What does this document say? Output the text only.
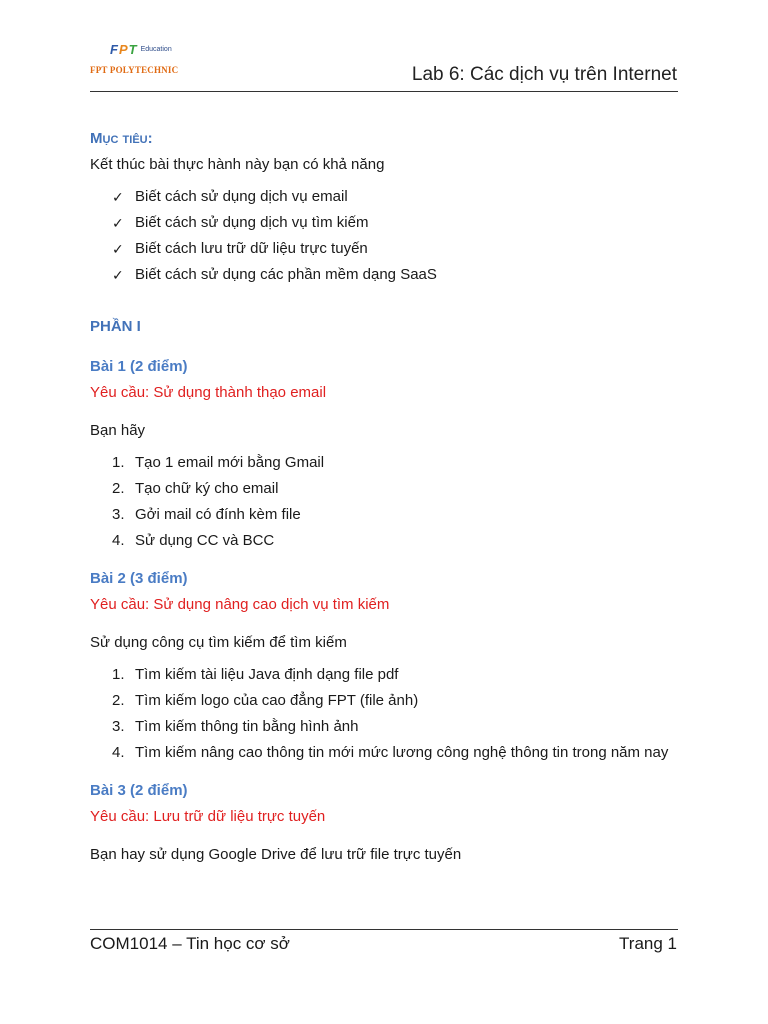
F P T Education
FPT POLYTECHNIC	Lab 6: Các dịch vụ trên Internet
Mục tiêu:
Kết thúc bài thực hành này bạn có khả năng
✓ Biết cách sử dụng dịch vụ email
✓ Biết cách sử dụng dịch vụ tìm kiếm
✓ Biết cách lưu trữ dữ liệu trực tuyến
✓ Biết cách sử dụng các phần mềm dạng SaaS
PHẦN I
Bài 1 (2 điểm)
Yêu cầu: Sử dụng thành thạo email
Bạn hãy
1. Tạo 1 email mới bằng Gmail
2. Tạo chữ ký cho email
3. Gởi mail có đính kèm file
4. Sử dụng CC và BCC
Bài 2 (3 điểm)
Yêu cầu: Sử dụng nâng cao dịch vụ tìm kiếm
Sử dụng công cụ tìm kiếm để tìm kiếm
1. Tìm kiếm tài liệu Java định dạng file pdf
2. Tìm kiếm logo của cao đẳng FPT (file ảnh)
3. Tìm kiếm thông tin bằng hình ảnh
4. Tìm kiếm nâng cao thông tin mới mức lương công nghệ thông tin trong năm nay
Bài 3 (2 điểm)
Yêu cầu: Lưu trữ dữ liệu trực tuyến
Bạn hay sử dụng Google Drive để lưu trữ file trực tuyến
COM1014 – Tin học cơ sở	Trang 1
